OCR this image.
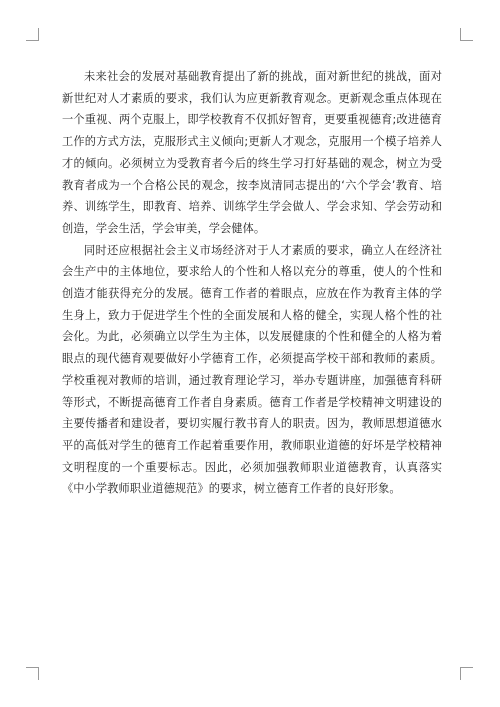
未来社会的发展对基础教育提出了新的挑战，面对新世纪的挑战，面对新世纪对人才素质的要求，我们认为应更新教育观念。更新观念重点体现在一个重视、两个克服上，即学校教育不仅抓好智育，更要重视德育;改进德育工作的方式方法，克服形式主义倾向;更新人才观念，克服用一个模子培养人才的倾向。必须树立为受教育者今后的终生学习打好基础的观念，树立为受教育者成为一个合格公民的观念，按李岚清同志提出的‘六个学会’教育、培养、训练学生，即教育、培养、训练学生学会做人、学会求知、学会劳动和创造，学会生活，学会审美，学会健体。

同时还应根据社会主义市场经济对于人才素质的要求，确立人在经济社会生产中的主体地位，要求给人的个性和人格以充分的尊重，使人的个性和创造才能获得充分的发展。德育工作者的着眼点，应放在作为教育主体的学生身上，致力于促进学生个性的全面发展和人格的健全，实现人格个性的社会化。为此，必须确立以学生为主体，以发展健康的个性和健全的人格为着眼点的现代德育观要做好小学德育工作，必须提高学校干部和教师的素质。学校重视对教师的培训，通过教育理论学习，举办专题讲座，加强德育科研等形式，不断提高德育工作者自身素质。德育工作者是学校精神文明建设的主要传播者和建设者，要切实履行教书育人的职责。因为，教师思想道德水平的高低对学生的德育工作起着重要作用，教师职业道德的好坏是学校精神文明程度的一个重要标志。因此，必须加强教师职业道德教育，认真落实《中小学教师职业道德规范》的要求，树立德育工作者的良好形象。
